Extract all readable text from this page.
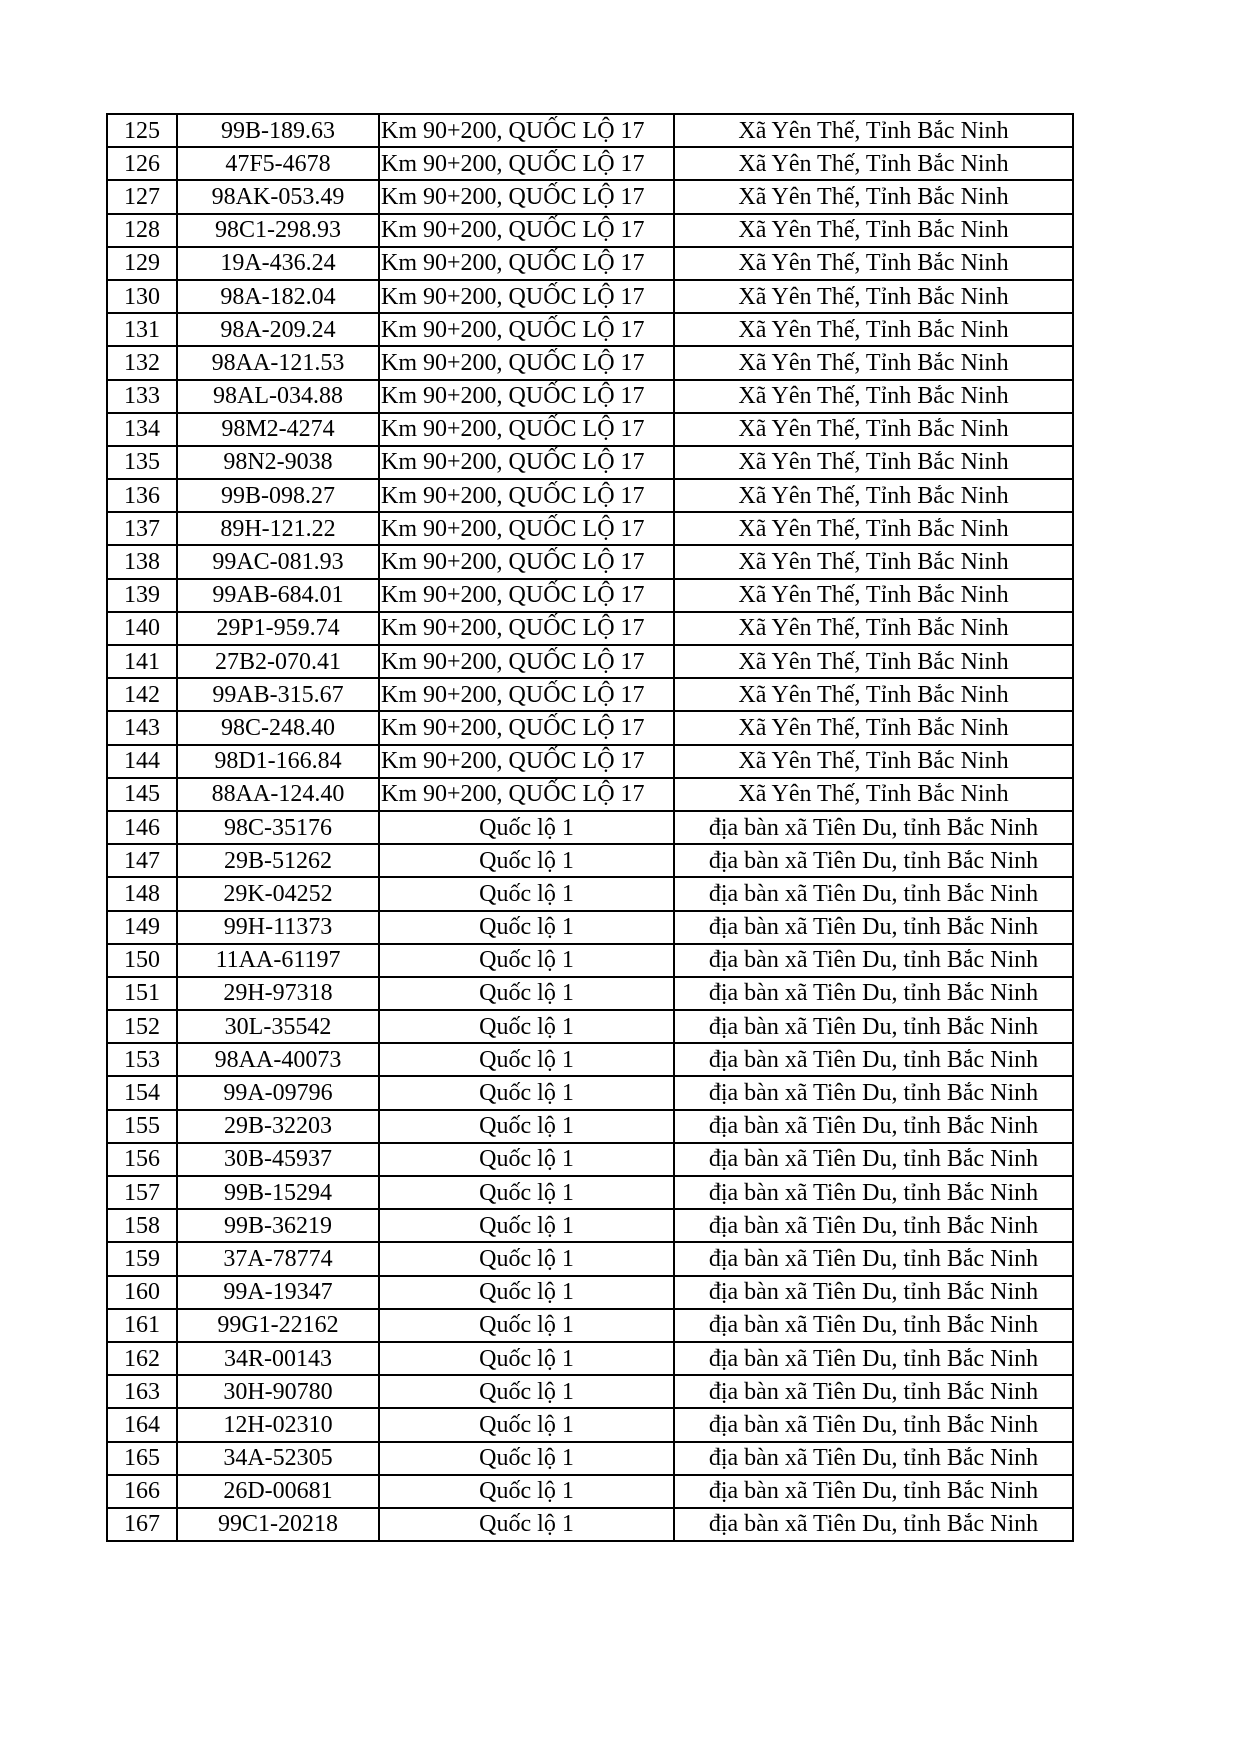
125	99B-189.63	Km 90+200, QUỐC LỘ 17	Xã Yên Thế, Tỉnh Bắc Ninh
126	47F5-4678	Km 90+200, QUỐC LỘ 17	Xã Yên Thế, Tỉnh Bắc Ninh
127	98AK-053.49	Km 90+200, QUỐC LỘ 17	Xã Yên Thế, Tỉnh Bắc Ninh
128	98C1-298.93	Km 90+200, QUỐC LỘ 17	Xã Yên Thế, Tỉnh Bắc Ninh
129	19A-436.24	Km 90+200, QUỐC LỘ 17	Xã Yên Thế, Tỉnh Bắc Ninh
130	98A-182.04	Km 90+200, QUỐC LỘ 17	Xã Yên Thế, Tỉnh Bắc Ninh
131	98A-209.24	Km 90+200, QUỐC LỘ 17	Xã Yên Thế, Tỉnh Bắc Ninh
132	98AA-121.53	Km 90+200, QUỐC LỘ 17	Xã Yên Thế, Tỉnh Bắc Ninh
133	98AL-034.88	Km 90+200, QUỐC LỘ 17	Xã Yên Thế, Tỉnh Bắc Ninh
134	98M2-4274	Km 90+200, QUỐC LỘ 17	Xã Yên Thế, Tỉnh Bắc Ninh
135	98N2-9038	Km 90+200, QUỐC LỘ 17	Xã Yên Thế, Tỉnh Bắc Ninh
136	99B-098.27	Km 90+200, QUỐC LỘ 17	Xã Yên Thế, Tỉnh Bắc Ninh
137	89H-121.22	Km 90+200, QUỐC LỘ 17	Xã Yên Thế, Tỉnh Bắc Ninh
138	99AC-081.93	Km 90+200, QUỐC LỘ 17	Xã Yên Thế, Tỉnh Bắc Ninh
139	99AB-684.01	Km 90+200, QUỐC LỘ 17	Xã Yên Thế, Tỉnh Bắc Ninh
140	29P1-959.74	Km 90+200, QUỐC LỘ 17	Xã Yên Thế, Tỉnh Bắc Ninh
141	27B2-070.41	Km 90+200, QUỐC LỘ 17	Xã Yên Thế, Tỉnh Bắc Ninh
142	99AB-315.67	Km 90+200, QUỐC LỘ 17	Xã Yên Thế, Tỉnh Bắc Ninh
143	98C-248.40	Km 90+200, QUỐC LỘ 17	Xã Yên Thế, Tỉnh Bắc Ninh
144	98D1-166.84	Km 90+200, QUỐC LỘ 17	Xã Yên Thế, Tỉnh Bắc Ninh
145	88AA-124.40	Km 90+200, QUỐC LỘ 17	Xã Yên Thế, Tỉnh Bắc Ninh
146	98C-35176	Quốc lộ 1	địa bàn xã Tiên Du, tỉnh Bắc Ninh
147	29B-51262	Quốc lộ 1	địa bàn xã Tiên Du, tỉnh Bắc Ninh
148	29K-04252	Quốc lộ 1	địa bàn xã Tiên Du, tỉnh Bắc Ninh
149	99H-11373	Quốc lộ 1	địa bàn xã Tiên Du, tỉnh Bắc Ninh
150	11AA-61197	Quốc lộ 1	địa bàn xã Tiên Du, tỉnh Bắc Ninh
151	29H-97318	Quốc lộ 1	địa bàn xã Tiên Du, tỉnh Bắc Ninh
152	30L-35542	Quốc lộ 1	địa bàn xã Tiên Du, tỉnh Bắc Ninh
153	98AA-40073	Quốc lộ 1	địa bàn xã Tiên Du, tỉnh Bắc Ninh
154	99A-09796	Quốc lộ 1	địa bàn xã Tiên Du, tỉnh Bắc Ninh
155	29B-32203	Quốc lộ 1	địa bàn xã Tiên Du, tỉnh Bắc Ninh
156	30B-45937	Quốc lộ 1	địa bàn xã Tiên Du, tỉnh Bắc Ninh
157	99B-15294	Quốc lộ 1	địa bàn xã Tiên Du, tỉnh Bắc Ninh
158	99B-36219	Quốc lộ 1	địa bàn xã Tiên Du, tỉnh Bắc Ninh
159	37A-78774	Quốc lộ 1	địa bàn xã Tiên Du, tỉnh Bắc Ninh
160	99A-19347	Quốc lộ 1	địa bàn xã Tiên Du, tỉnh Bắc Ninh
161	99G1-22162	Quốc lộ 1	địa bàn xã Tiên Du, tỉnh Bắc Ninh
162	34R-00143	Quốc lộ 1	địa bàn xã Tiên Du, tỉnh Bắc Ninh
163	30H-90780	Quốc lộ 1	địa bàn xã Tiên Du, tỉnh Bắc Ninh
164	12H-02310	Quốc lộ 1	địa bàn xã Tiên Du, tỉnh Bắc Ninh
165	34A-52305	Quốc lộ 1	địa bàn xã Tiên Du, tỉnh Bắc Ninh
166	26D-00681	Quốc lộ 1	địa bàn xã Tiên Du, tỉnh Bắc Ninh
167	99C1-20218	Quốc lộ 1	địa bàn xã Tiên Du, tỉnh Bắc Ninh
